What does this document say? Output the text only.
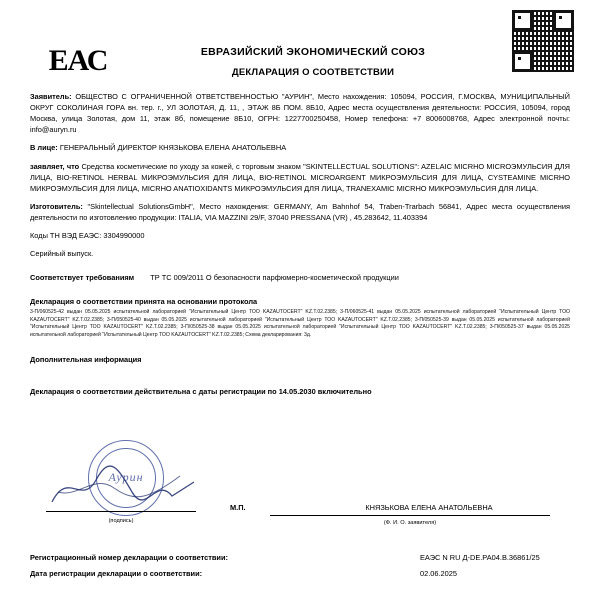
ЕАС	ЕВРАЗИЙСКИЙ ЭКОНОМИЧЕСКИЙ СОЮЗ
ДЕКЛАРАЦИЯ О СООТВЕТСТВИИ
Заявитель: ОБЩЕСТВО С ОГРАНИЧЕННОЙ ОТВЕТСТВЕННОСТЬЮ "АУРИН", Место нахождения: 105094, РОССИЯ, Г.МОСКВА, МУНИЦИПАЛЬНЫЙ ОКРУГ СОКОЛИНАЯ ГОРА вн. тер. г., УЛ ЗОЛОТАЯ, Д. 11, , ЭТАЖ 8Б ПОМ. 8Б10, Адрес места осуществления деятельности: РОССИЯ, 105094, город Москва, улица Золотая, дом 11, этаж 8б, помещение 8Б10, ОГРН: 1227700250458, Номер телефона: +7 8006008768, Адрес электронной почты: info@auryn.ru
В лице: ГЕНЕРАЛЬНЫЙ ДИРЕКТОР КНЯЗЬКОВА ЕЛЕНА АНАТОЛЬЕВНА
заявляет, что Средства косметические по уходу за кожей, с торговым знаком "SKINTELLECTUAL SOLUTIONS": AZELAIC MICRHO MICROЭМУЛЬСИЯ ДЛЯ ЛИЦА, BIO-RETINOL HERBAL МИКРОЭМУЛЬСИЯ ДЛЯ ЛИЦА, BIO-RETINOL MICROARGENT МИКРОЭМУЛЬСИЯ ДЛЯ ЛИЦА, CYSTEAMINE MICRHO МИКРОЭМУЛЬСИЯ ДЛЯ ЛИЦА, MICRHO ANATIOXIDANTS МИКРОЭМУЛЬСИЯ ДЛЯ ЛИЦА, TRANEXAMIC MICRHO МИКРОЭМУЛЬСИЯ ДЛЯ ЛИЦА.
Изготовитель: "Skintellectual SolutionsGmbH", Место нахождения: GERMANY, Am Bahnhof 54, Traben-Trarbach 56841, Адрес места осуществления деятельности по изготовлению продукции: ITALIA, VIA MAZZINI 29/F, 37040 PRESSANA (VR) , 45.283642, 11.403394
Коды ТН ВЭД ЕАЭС: 3304990000
Серийный выпуск.
Соответствует требованиям ТР ТС 009/2011 О безопасности парфюмерно-косметической продукции
Декларация о соответствии принята на основании протокола
3-П/060525-42 выдан 05.05.2025 испытательной лабораторией "Испытательный Центр ТОО KAZAUTOCERT" KZ.Т.02.2385; 3-П/060525-41 выдан 05.05.2025 испытательной лабораторией "Испытательный Центр ТОО KAZAUTOCERT" KZ.Т.02.2385; 3-П/050525-40 выдан 05.05.2025 испытательной лабораторией "Испытательный Центр ТОО KAZAUTOCERT" KZ.Т.02.2385; 3-П/050525-39 выдан 05.05.2025 испытательной лабораторией "Испытательный Центр ТОО KAZAUTOCERT" KZ.Т.02.2385; 3-П/050525-38 выдан 05.05.2025 испытательной лабораторией "Испытательный Центр ТОО KAZAUTOCERT" KZ.Т.02.2385; 3-П/050525-37 выдан 05.05.2025 испытательной лабораторией "Испытательный Центр ТОО KAZAUTOCERT" KZ.Т.02.2385; Схема декларирования: 3д.
Дополнительная информация
Декларация о соответствии действительна с даты регистрации по 14.05.2030 включительно
Аурин
(подпись)
М.П.	КНЯЗЬКОВА ЕЛЕНА АНАТОЛЬЕВНА
(Ф. И. О. заявителя)
Регистрационный номер декларации о соответствии:	ЕАЭС N RU Д-DE.РА04.В.36861/25
Дата регистрации декларации о соответствии:	02.06.2025
